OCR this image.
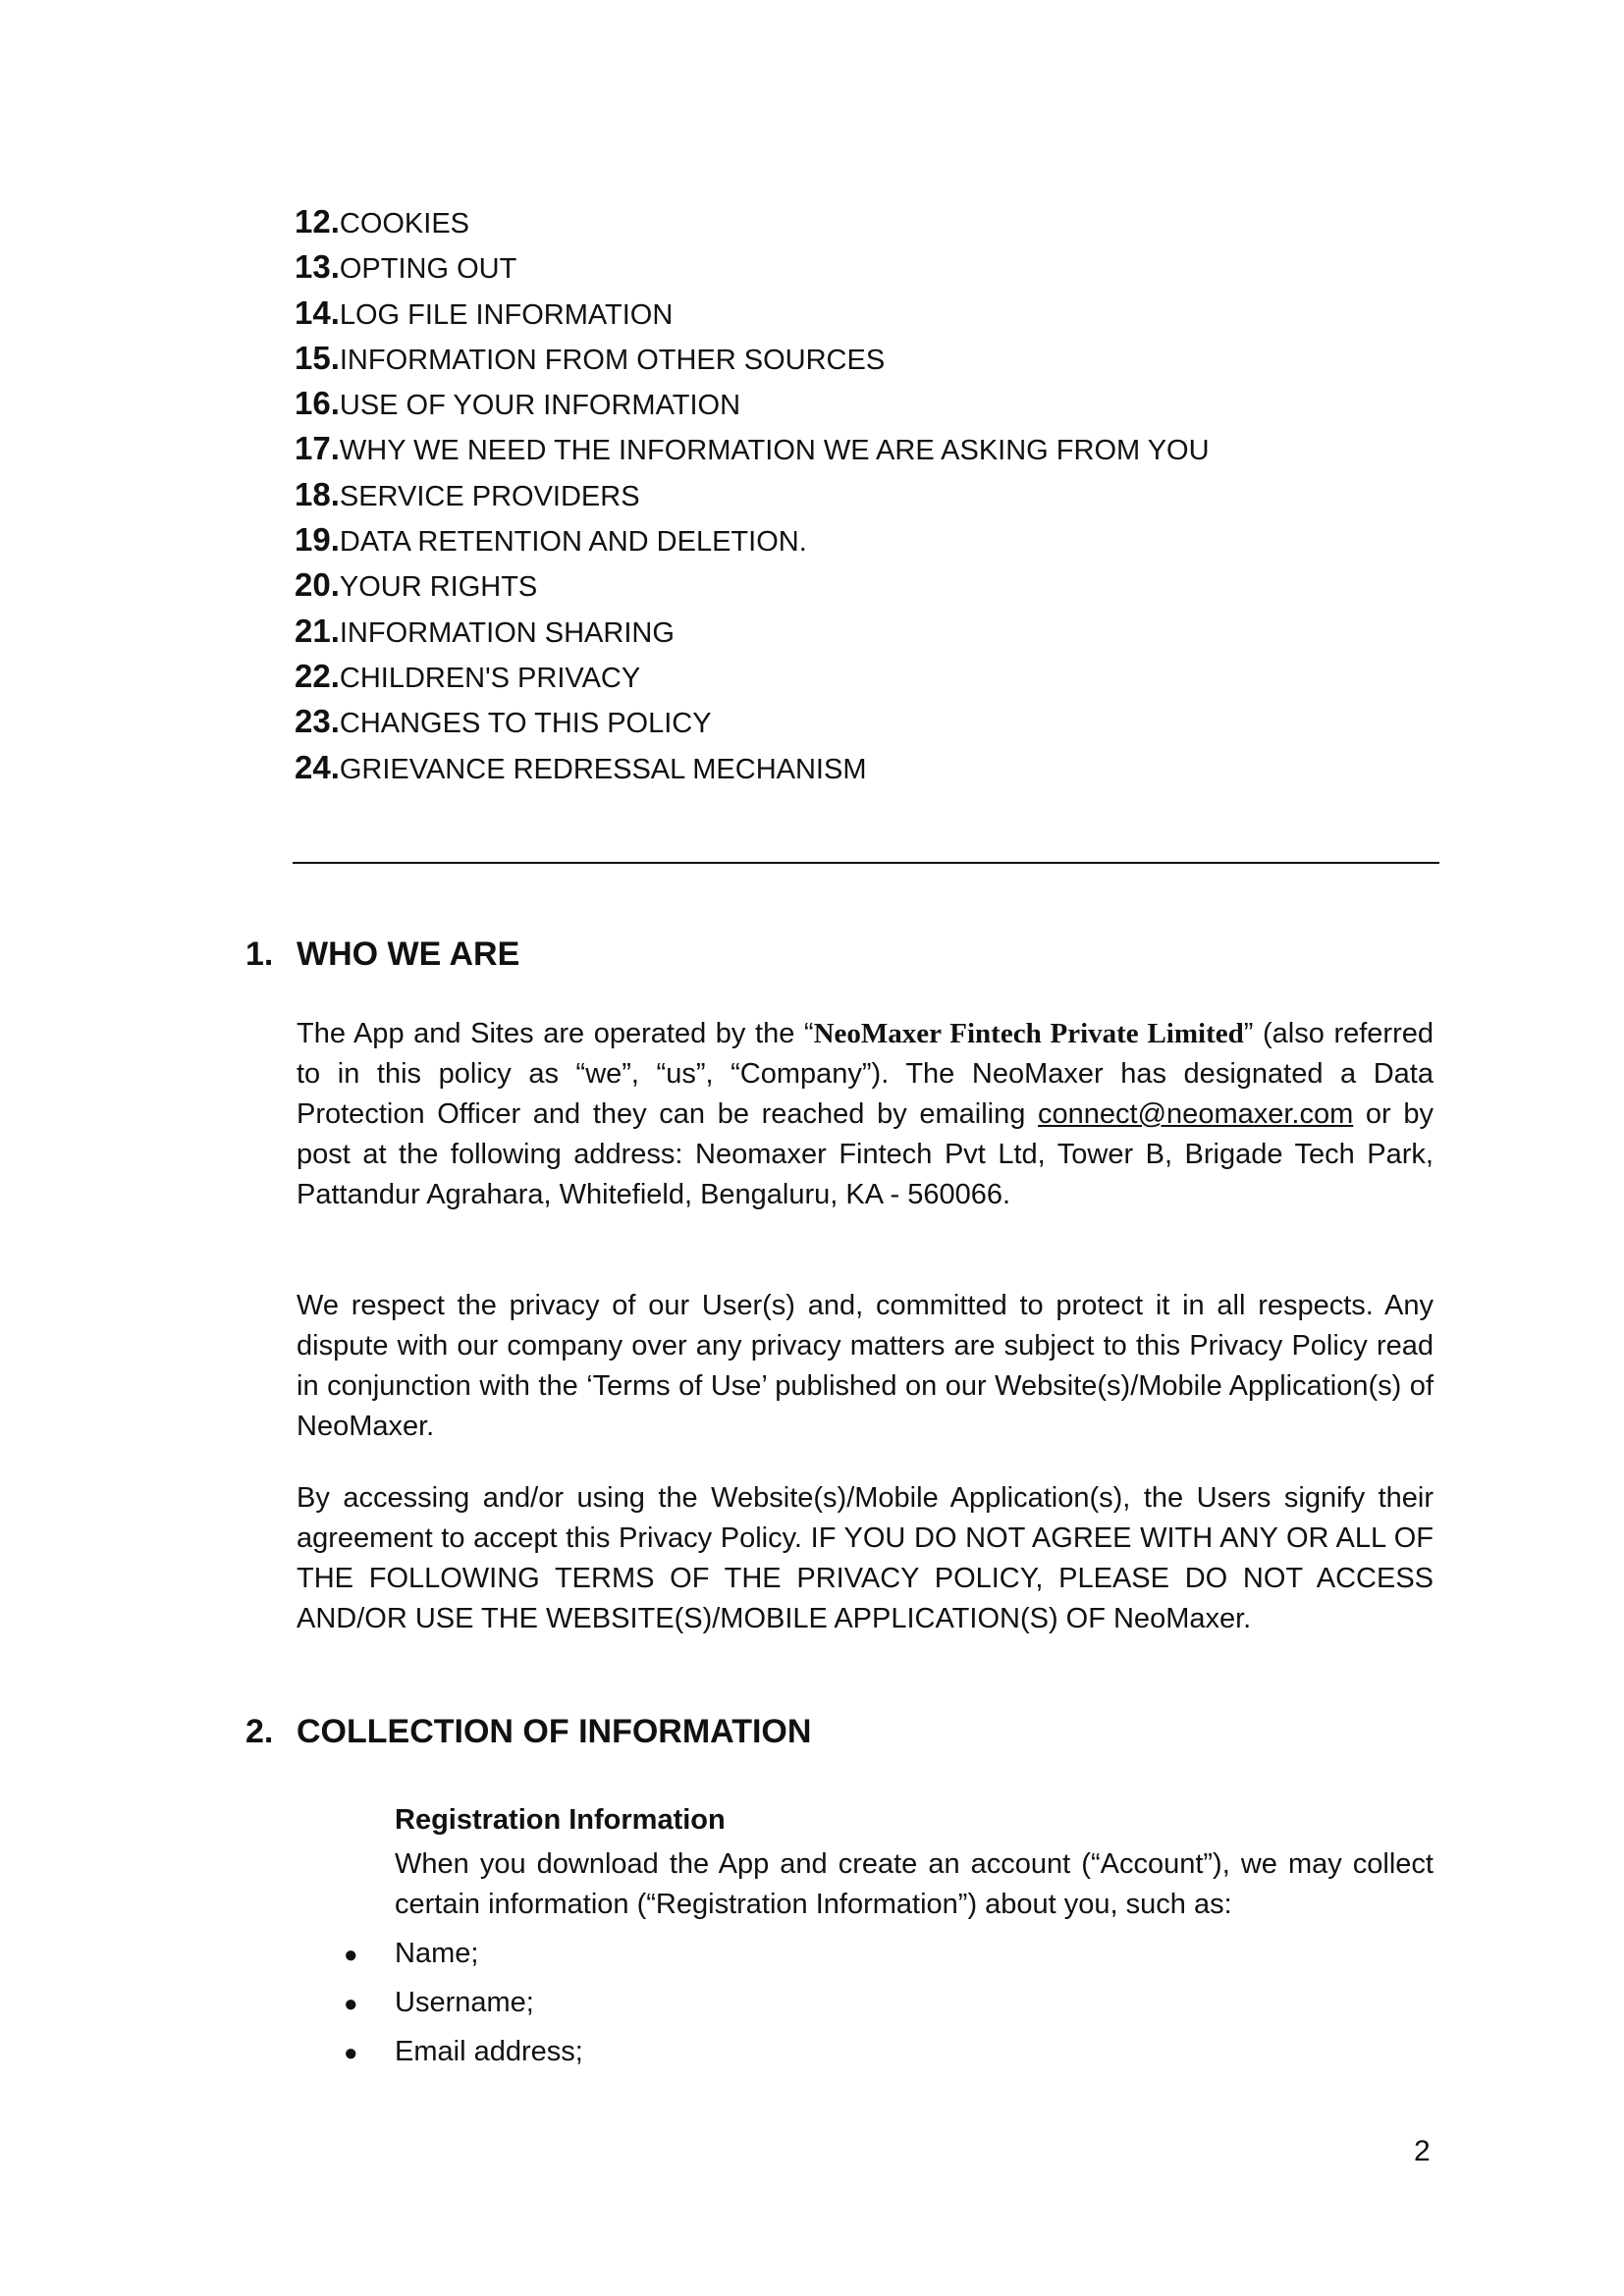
12.COOKIES
13.OPTING OUT
14.LOG FILE INFORMATION
15.INFORMATION FROM OTHER SOURCES
16.USE OF YOUR INFORMATION
17.WHY WE NEED THE INFORMATION WE ARE ASKING FROM YOU
18.SERVICE PROVIDERS
19.DATA RETENTION AND DELETION.
20.YOUR RIGHTS
21.INFORMATION SHARING
22.CHILDREN'S PRIVACY
23.CHANGES TO THIS POLICY
24.GRIEVANCE REDRESSAL MECHANISM
1. WHO WE ARE

The App and Sites are operated by the “NeoMaxer Fintech Private Limited” (also referred to in this policy as “we”, “us”, “Company”). The NeoMaxer has designated a Data Protection Officer and they can be reached by emailing connect@neomaxer.com or by post at the following address: Neomaxer Fintech Pvt Ltd, Tower B, Brigade Tech Park, Pattandur Agrahara, Whitefield, Bengaluru, KA - 560066.

We respect the privacy of our User(s) and, committed to protect it in all respects. Any dispute with our company over any privacy matters are subject to this Privacy Policy read in conjunction with the ‘Terms of Use’ published on our Website(s)/Mobile Application(s) of NeoMaxer.

By accessing and/or using the Website(s)/Mobile Application(s), the Users signify their agreement to accept this Privacy Policy. IF YOU DO NOT AGREE WITH ANY OR ALL OF THE FOLLOWING TERMS OF THE PRIVACY POLICY, PLEASE DO NOT ACCESS AND/OR USE THE WEBSITE(S)/MOBILE APPLICATION(S) OF NeoMaxer.

2. COLLECTION OF INFORMATION
Registration Information

When you download the App and create an account (“Account”), we may collect certain information (“Registration Information”) about you, such as:

● Name;
● Username;
● Email address;
2
